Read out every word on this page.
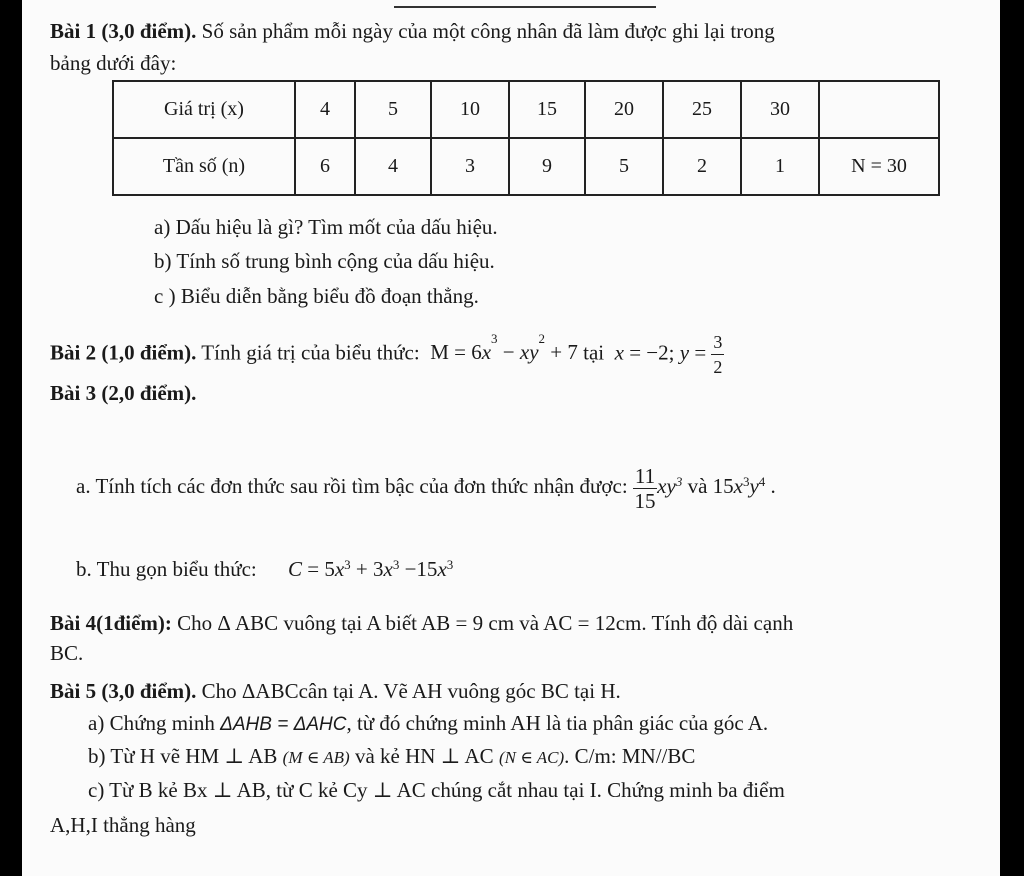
Bài 1 (3,0 điểm). Số sản phẩm mỗi ngày của một công nhân đã làm được ghi lại trong
bảng dưới đây:
Giá trị (x)	4	5	10	15	20	25	30	
Tần số (n)	6	4	3	9	5	2	1	N = 30
a) Dấu hiệu là gì? Tìm mốt của dấu hiệu.
b) Tính số trung bình cộng của dấu hiệu.
c ) Biểu diễn bằng biểu đồ đoạn thẳng.
Bài 2 (1,0 điểm). Tính giá trị của biểu thức:  $M = 6x^3 - xy^2 + 7$ tại x = −2; $y = \frac{3}{2}$
Bài 3 (2,0 điểm).
a. Tính tích các đơn thức sau rồi tìm bậc của đơn thức nhận được: $\frac{11}{15} xy^3$ và $15x^3y^4$ .
b. Thu gọn biểu thức: $C = 5x^3 + 3x^3 -15x^3$
Bài 4(1điểm): Cho Δ ABC vuông tại A biết AB = 9 cm và AC = 12cm. Tính độ dài cạnh
BC.
Bài 5 (3,0 điểm). Cho ΔABCcân tại A. Vẽ AH vuông góc BC tại H.
a) Chứng minh ΔAHB = ΔAHC, từ đó chứng minh AH là tia phân giác của góc A.
b) Từ H vẽ HM ⊥ AB (M ∈ AB) và kẻ HN ⊥ AC (N ∈ AC). C/m: MN//BC
c) Từ B kẻ Bx ⊥ AB, từ C kẻ Cy ⊥ AC chúng cắt nhau tại I. Chứng minh ba điểm
A,H,I thẳng hàng
